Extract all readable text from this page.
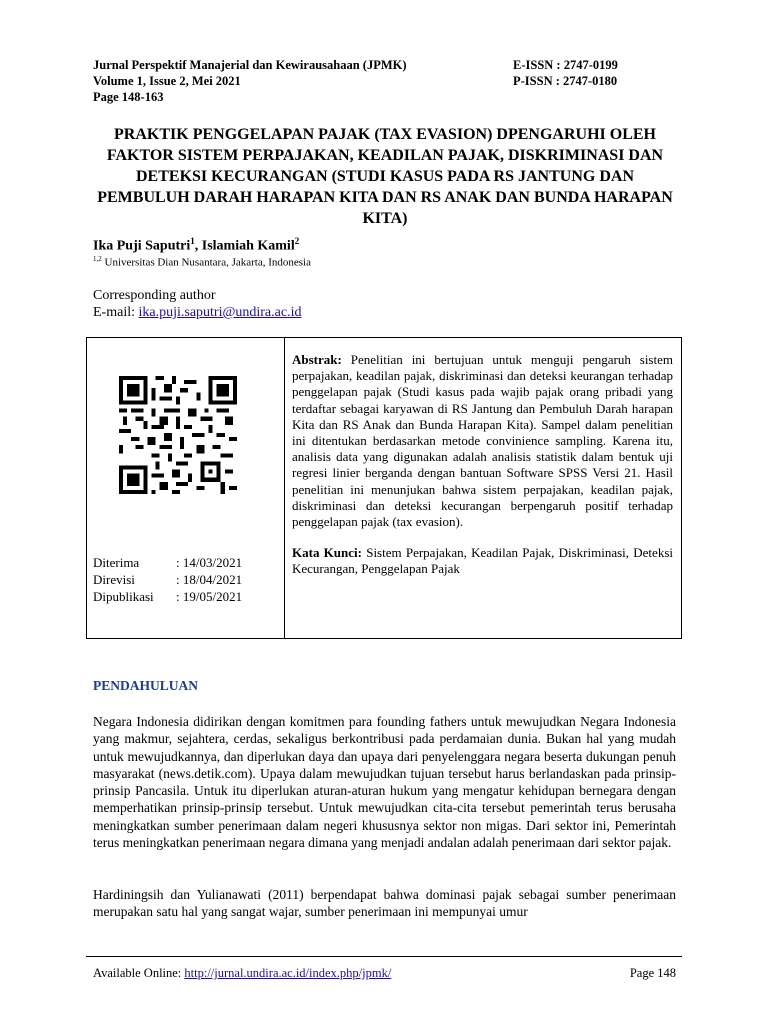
Jurnal Perspektif Manajerial dan Kewirausahaan (JPMK)
Volume 1, Issue 2, Mei 2021
Page 148-163
E-ISSN : 2747-0199
P-ISSN : 2747-0180
PRAKTIK PENGGELAPAN PAJAK (TAX EVASION) DPENGARUHI OLEH FAKTOR SISTEM PERPAJAKAN, KEADILAN PAJAK, DISKRIMINASI DAN DETEKSI KECURANGAN (STUDI KASUS PADA RS JANTUNG DAN PEMBULUH DARAH HARAPAN KITA DAN RS ANAK DAN BUNDA HARAPAN KITA)
Ika Puji Saputri$^1$, Islamiah Kamil$^2$
$^{1,2}$ Universitas Dian Nusantara, Jakarta, Indonesia
Corresponding author
E-mail: ika.puji.saputri@undira.ac.id
Diterima	: 14/03/2021
Direvisi	: 18/04/2021
Dipublikasi	: 19/05/2021
Abstrak: Penelitian ini bertujuan untuk menguji pengaruh sistem perpajakan, keadilan pajak, diskriminasi dan deteksi keurangan terhadap penggelapan pajak (Studi kasus pada wajib pajak orang pribadi yang terdaftar sebagai karyawan di RS Jantung dan Pembuluh Darah harapan Kita dan RS Anak dan Bunda Harapan Kita). Sampel dalam penelitian ini ditentukan berdasarkan metode convinience sampling. Karena itu, analisis data yang digunakan adalah analisis statistik dalam bentuk uji regresi linier berganda dengan bantuan Software SPSS Versi 21. Hasil penelitian ini menunjukan bahwa sistem perpajakan, keadilan pajak, diskriminasi dan deteksi kecurangan berpengaruh positif terhadap penggelapan pajak (tax evasion).
Kata Kunci: Sistem Perpajakan, Keadilan Pajak, Diskriminasi, Deteksi Kecurangan, Penggelapan Pajak
PENDAHULUAN
Negara Indonesia didirikan dengan komitmen para founding fathers untuk mewujudkan Negara Indonesia yang makmur, sejahtera, cerdas, sekaligus berkontribusi pada perdamaian dunia. Bukan hal yang mudah untuk mewujudkannya, dan diperlukan daya dan upaya dari penyelenggara negara beserta dukungan penuh masyarakat (news.detik.com). Upaya dalam mewujudkan tujuan tersebut harus berlandaskan pada prinsip-prinsip Pancasila. Untuk itu diperlukan aturan-aturan hukum yang mengatur kehidupan bernegara dengan memperhatikan prinsip-prinsip tersebut. Untuk mewujudkan cita-cita tersebut pemerintah terus berusaha meningkatkan sumber penerimaan dalam negeri khususnya sektor non migas. Dari sektor ini, Pemerintah terus meningkatkan penerimaan negara dimana yang menjadi andalan adalah penerimaan dari sektor pajak.
Hardiningsih dan Yulianawati (2011) berpendapat bahwa dominasi pajak sebagai sumber penerimaan merupakan satu hal yang sangat wajar, sumber penerimaan ini mempunyai umur
Available Online: http://jurnal.undira.ac.id/index.php/jpmk/	Page 148
